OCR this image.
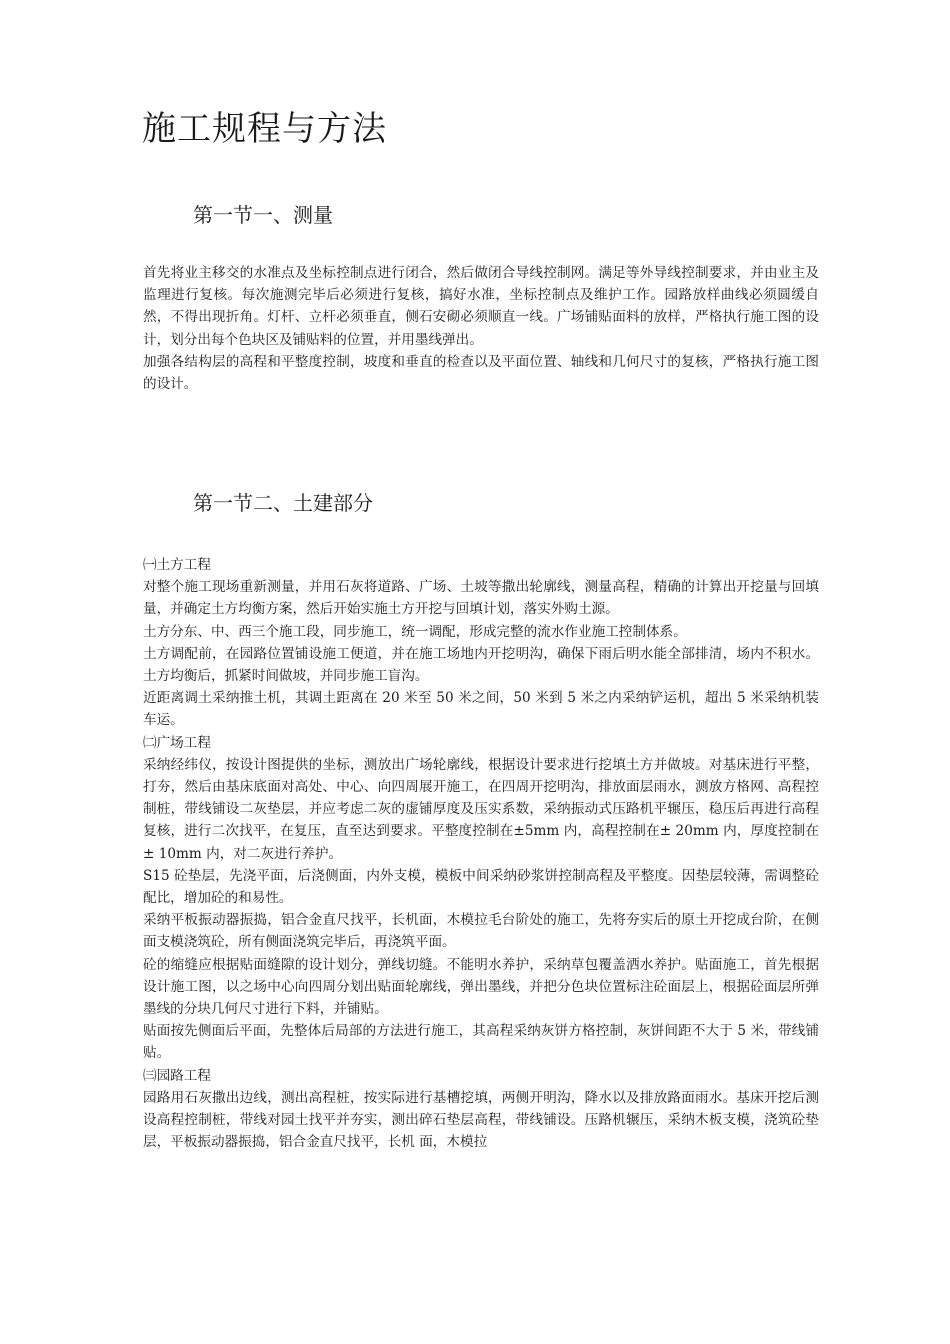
施工规程与方法
第一节一、测量

首先将业主移交的水准点及坐标控制点进行闭合，然后做闭合导线控制网。满足等外导线控制要求，并由业主及监理进行复核。每次施测完毕后必须进行复核，搞好水准，坐标控制点及维护工作。园路放样曲线必须圆缓自然，不得出现折角。灯杆、立杆必须垂直，侧石安砌必须顺直一线。广场铺贴面料的放样，严格执行施工图的设计，划分出每个色块区及铺贴料的位置，并用墨线弹出。

加强各结构层的高程和平整度控制，坡度和垂直的检查以及平面位置、轴线和几何尺寸的复核，严格执行施工图的设计。

第一节二、土建部分

㈠土方工程

对整个施工现场重新测量，并用石灰将道路、广场、土坡等撒出轮廓线，测量高程，精确的计算出开挖量与回填量，并确定土方均衡方案，然后开始实施土方开挖与回填计划，落实外购土源。

土方分东、中、西三个施工段，同步施工，统一调配，形成完整的流水作业施工控制体系。

土方调配前，在园路位置铺设施工便道，并在施工场地内开挖明沟，确保下雨后明水能全部排清，场内不积水。土方均衡后，抓紧时间做坡，并同步施工盲沟。

近距离调土采纳推土机，其调土距离在 20 米至 50 米之间，50 米到 5 米之内采纳铲运机，超出 5 米采纳机装车运。

㈡广场工程

采纳经纬仪，按设计图提供的坐标，测放出广场轮廓线，根据设计要求进行挖填土方并做坡。对基床进行平整，打夯，然后由基床底面对高处、中心、向四周展开施工，在四周开挖明沟，排放面层雨水，测放方格网、高程控制桩，带线铺设二灰垫层，并应考虑二灰的虚铺厚度及压实系数，采纳振动式压路机平辗压，稳压后再进行高程复核，进行二次找平，在复压，直至达到要求。平整度控制在±5mm 内，高程控制在± 20mm 内，厚度控制在± 10mm 内，对二灰进行养护。

S15 砼垫层，先浇平面，后浇侧面，内外支模，模板中间采纳砂浆饼控制高程及平整度。因垫层较薄，需调整砼配比，增加砼的和易性。

采纳平板振动器振捣，铝合金直尺找平，长机面，木模拉毛台阶处的施工，先将夯实后的原土开挖成台阶，在侧面支模浇筑砼，所有侧面浇筑完毕后，再浇筑平面。

砼的缩缝应根据贴面缝隙的设计划分，弹线切缝。不能明水养护，采纳草包覆盖洒水养护。贴面施工，首先根据设计施工图，以之场中心向四周分划出贴面轮廓线，弹出墨线，并把分色块位置标注砼面层上，根据砼面层所弹墨线的分块几何尺寸进行下料，并铺贴。

贴面按先侧面后平面，先整体后局部的方法进行施工，其高程采纳灰饼方格控制，灰饼间距不大于 5 米，带线铺贴。

㈢园路工程

园路用石灰撒出边线，测出高程桩，按实际进行基槽挖填，两侧开明沟，降水以及排放路面雨水。基床开挖后测设高程控制桩，带线对园土找平并夯实，测出碎石垫层高程，带线铺设。压路机辗压，采纳木板支模，浇筑砼垫层，平板振动器振捣，铝合金直尺找平，长机 面，木模拉
